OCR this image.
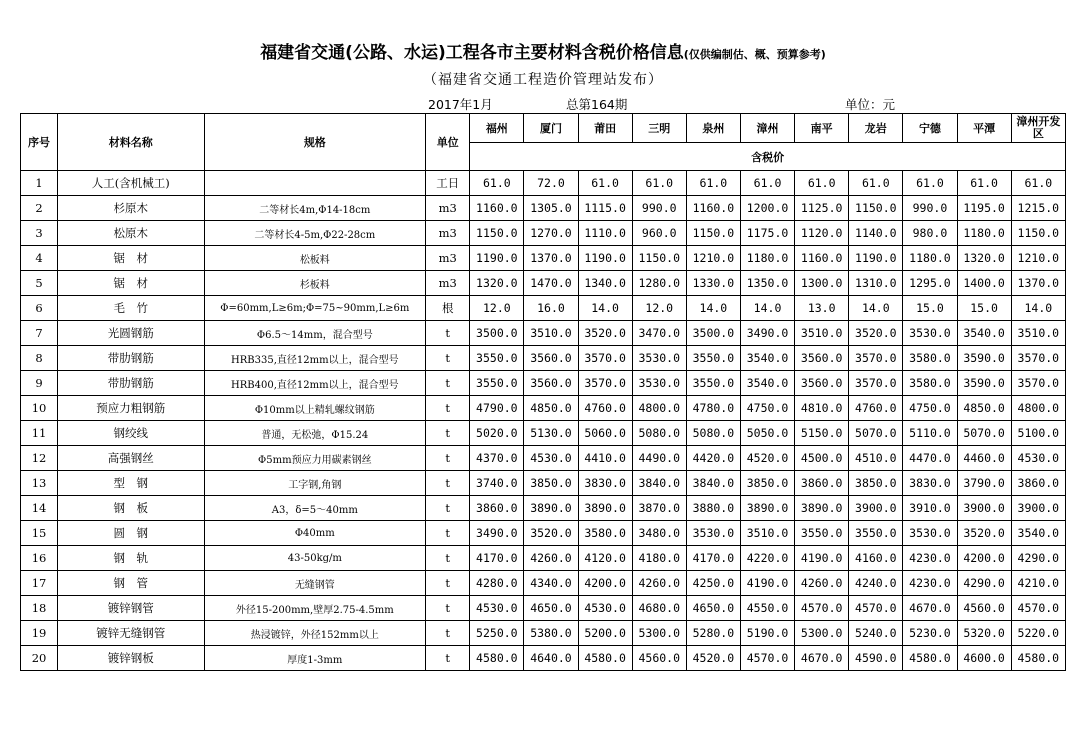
福建省交通(公路、水运)工程各市主要材料含税价格信息(仅供编制估、概、预算参考)
（福建省交通工程造价管理站发布）
2017年1月	总第164期	单位：元
序号	材料名称	规格	单位	福州	厦门	莆田	三明	泉州	漳州	南平	龙岩	宁德	平潭	漳州开发区
				含税价										
1	人工(含机械工)		工日	61.0	72.0	61.0	61.0	61.0	61.0	61.0	61.0	61.0	61.0	61.0
2	杉原木	二等材长4m,Φ14-18cm	m3	1160.0	1305.0	1115.0	990.0	1160.0	1200.0	1125.0	1150.0	990.0	1195.0	1215.0
3	松原木	二等材长4-5m,Φ22-28cm	m3	1150.0	1270.0	1110.0	960.0	1150.0	1175.0	1120.0	1140.0	980.0	1180.0	1150.0
4	锯　材	松板料	m3	1190.0	1370.0	1190.0	1150.0	1210.0	1180.0	1160.0	1190.0	1180.0	1320.0	1210.0
5	锯　材	杉板料	m3	1320.0	1470.0	1340.0	1280.0	1330.0	1350.0	1300.0	1310.0	1295.0	1400.0	1370.0
6	毛　竹	Φ=60mm,L≥6m;Φ=75~90mm,L≥6m	根	12.0	16.0	14.0	12.0	14.0	14.0	13.0	14.0	15.0	15.0	14.0
7	光圆钢筋	Φ6.5～14mm，混合型号	t	3500.0	3510.0	3520.0	3470.0	3500.0	3490.0	3510.0	3520.0	3530.0	3540.0	3510.0
8	带肋钢筋	HRB335,直径12mm以上，混合型号	t	3550.0	3560.0	3570.0	3530.0	3550.0	3540.0	3560.0	3570.0	3580.0	3590.0	3570.0
9	带肋钢筋	HRB400,直径12mm以上，混合型号	t	3550.0	3560.0	3570.0	3530.0	3550.0	3540.0	3560.0	3570.0	3580.0	3590.0	3570.0
10	预应力粗钢筋	Φ10mm以上精轧螺纹钢筋	t	4790.0	4850.0	4760.0	4800.0	4780.0	4750.0	4810.0	4760.0	4750.0	4850.0	4800.0
11	钢绞线	普通，无松弛，Φ15.24	t	5020.0	5130.0	5060.0	5080.0	5080.0	5050.0	5150.0	5070.0	5110.0	5070.0	5100.0
12	高强钢丝	Φ5mm预应力用碳素钢丝	t	4370.0	4530.0	4410.0	4490.0	4420.0	4520.0	4500.0	4510.0	4470.0	4460.0	4530.0
13	型　钢	工字钢,角钢	t	3740.0	3850.0	3830.0	3840.0	3840.0	3850.0	3860.0	3850.0	3830.0	3790.0	3860.0
14	钢　板	A3，δ=5～40mm	t	3860.0	3890.0	3890.0	3870.0	3880.0	3890.0	3890.0	3900.0	3910.0	3900.0	3900.0
15	圆　钢	Φ40mm	t	3490.0	3520.0	3580.0	3480.0	3530.0	3510.0	3550.0	3550.0	3530.0	3520.0	3540.0
16	钢　轨	43-50kg/m	t	4170.0	4260.0	4120.0	4180.0	4170.0	4220.0	4190.0	4160.0	4230.0	4200.0	4290.0
17	钢　管	无缝钢管	t	4280.0	4340.0	4200.0	4260.0	4250.0	4190.0	4260.0	4240.0	4230.0	4290.0	4210.0
18	镀锌钢管	外径15-200mm,壁厚2.75-4.5mm	t	4530.0	4650.0	4530.0	4680.0	4650.0	4550.0	4570.0	4570.0	4670.0	4560.0	4570.0
19	镀锌无缝钢管	热浸镀锌，外径152mm以上	t	5250.0	5380.0	5200.0	5300.0	5280.0	5190.0	5300.0	5240.0	5230.0	5320.0	5220.0
20	镀锌钢板	厚度1-3mm	t	4580.0	4640.0	4580.0	4560.0	4520.0	4570.0	4670.0	4590.0	4580.0	4600.0	4580.0
